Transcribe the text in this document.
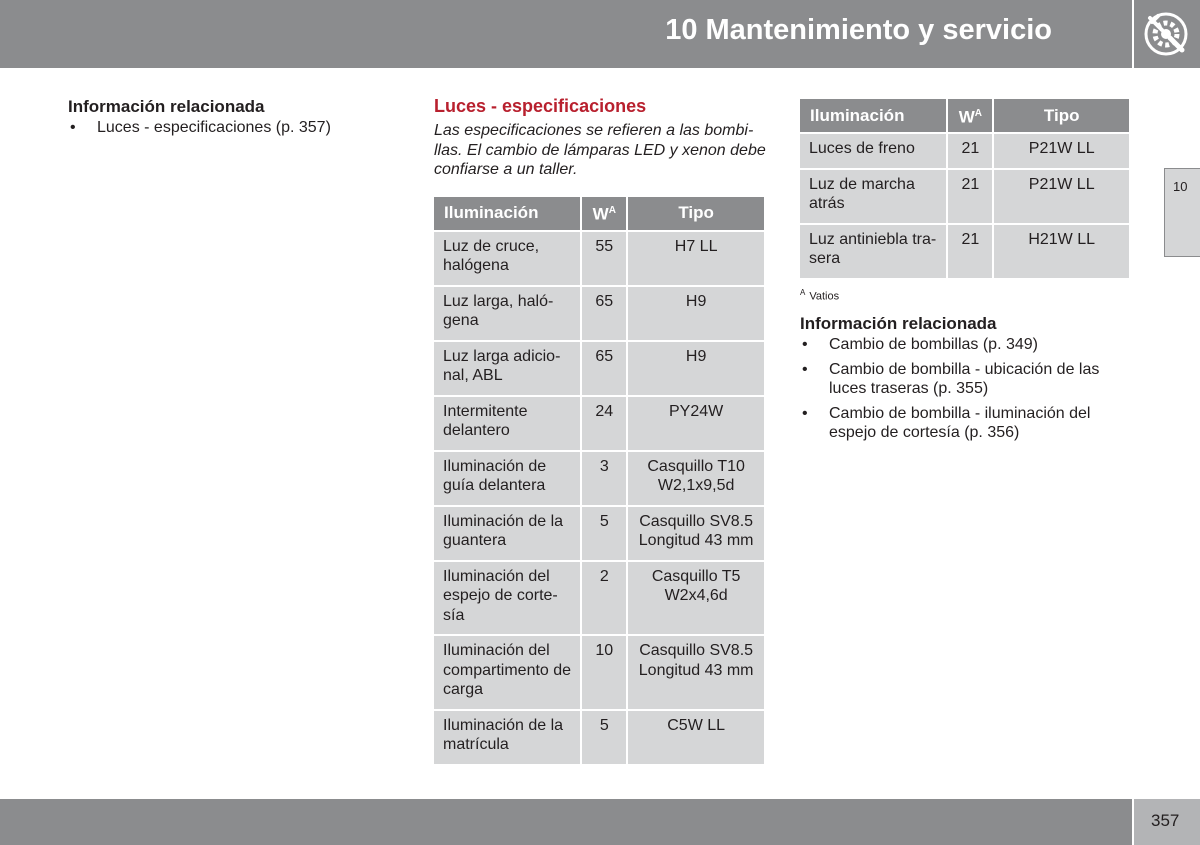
10 Mantenimiento y servicio
10
Información relacionada
• Luces - especificaciones (p. 357)
Luces - especificaciones
Las especificaciones se refieren a las bombi-llas. El cambio de lámparas LED y xenon debe confiarse a un taller.
Iluminación	$W^A$	Tipo
Luz de cruce, halógena	55	H7 LL
Luz larga, haló-gena	65	H9
Luz larga adicio-nal, ABL	65	H9
Intermitente delantero	24	PY24W
Iluminación de guía delantera	3	Casquillo T10 W2,1x9,5d
Iluminación de la guantera	5	Casquillo SV8.5 Longitud 43 mm
Iluminación del espejo de corte-sía	2	Casquillo T5 W2x4,6d
Iluminación del compartimento de carga	10	Casquillo SV8.5 Longitud 43 mm
Iluminación de la matrícula	5	C5W LL
Iluminación	$W^A$	Tipo
Luces de freno	21	P21W LL
Luz de marcha atrás	21	P21W LL
Luz antiniebla tra-sera	21	H21W LL
$^A$ Vatios
Información relacionada
• Cambio de bombillas (p. 349)
• Cambio de bombilla - ubicación de las luces traseras (p. 355)
• Cambio de bombilla - iluminación del espejo de cortesía (p. 356)
357
